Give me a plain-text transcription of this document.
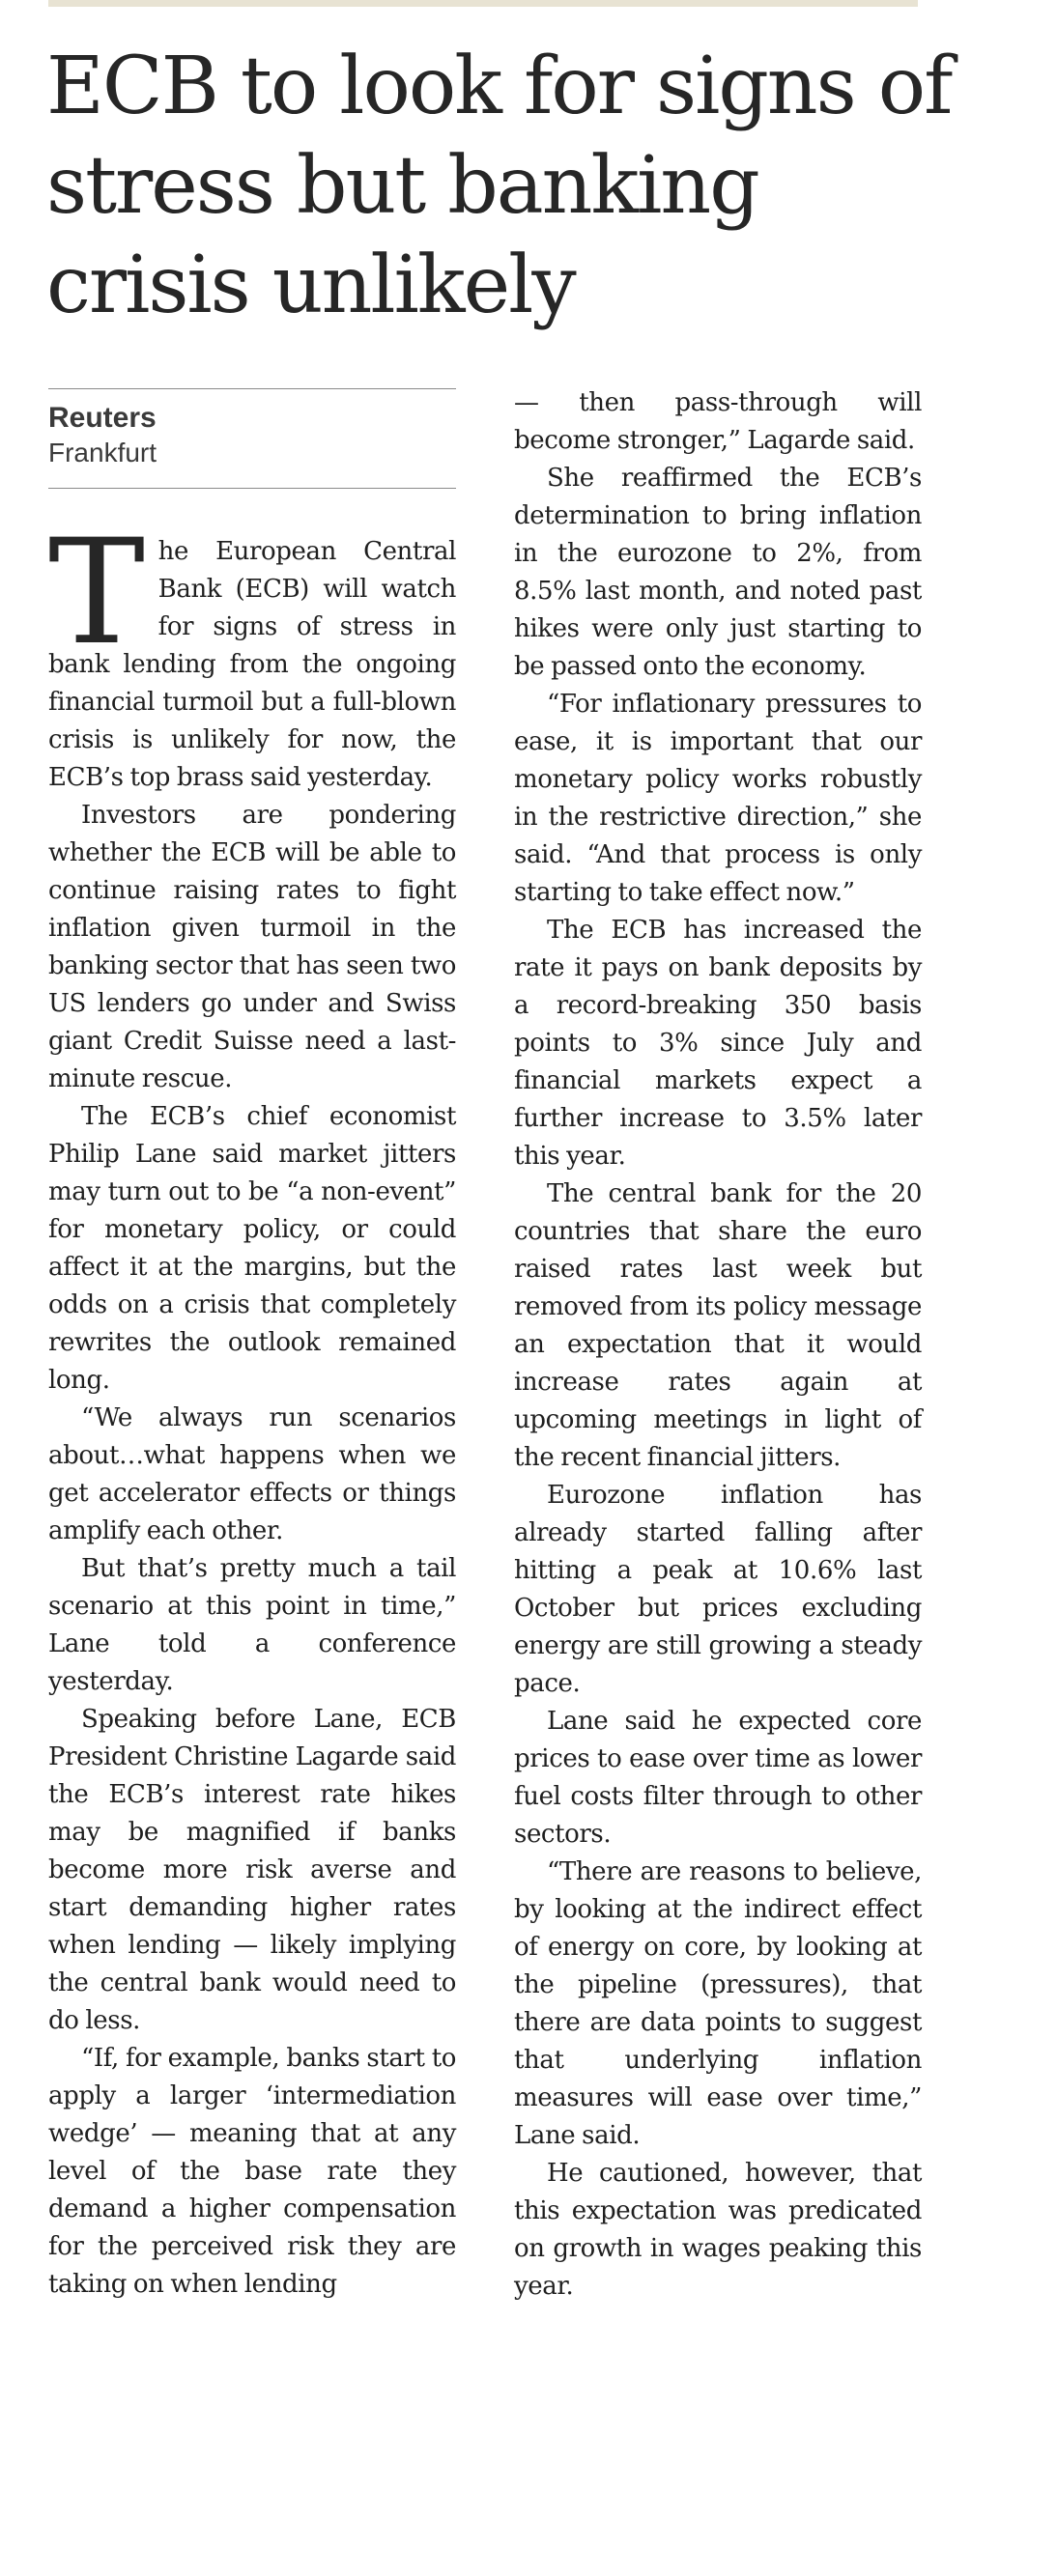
ECB to look for signs of stress but banking crisis unlikely
Reuters
Frankfurt

The European Central Bank (ECB) will watch for signs of stress in bank lending from the ongoing financial turmoil but a full-blown crisis is unlikely for now, the ECB’s top brass said yesterday.

Investors are pondering whether the ECB will be able to continue raising rates to fight inflation given turmoil in the banking sector that has seen two US lenders go under and Swiss giant Credit Suisse need a last-minute rescue.

The ECB’s chief economist Philip Lane said market jitters may turn out to be “a non-event” for monetary policy, or could affect it at the margins, but the odds on a crisis that completely rewrites the outlook remained long.

“We always run scenarios about…what happens when we get accelerator effects or things amplify each other.

But that’s pretty much a tail scenario at this point in time,” Lane told a conference yesterday.

Speaking before Lane, ECB President Christine Lagarde said the ECB’s interest rate hikes may be magnified if banks become more risk averse and start demanding higher rates when lending — likely implying the central bank would need to do less.

“If, for example, banks start to apply a larger ‘intermediation wedge’ — meaning that at any level of the base rate they demand a higher compensation for the perceived risk they are taking on when lending

— then pass-through will become stronger,” Lagarde said.

She reaffirmed the ECB’s determination to bring inflation in the eurozone to 2%, from 8.5% last month, and noted past hikes were only just starting to be passed onto the economy.

“For inflationary pressures to ease, it is important that our monetary policy works robustly in the restrictive direction,” she said. “And that process is only starting to take effect now.”

The ECB has increased the rate it pays on bank deposits by a record-breaking 350 basis points to 3% since July and financial markets expect a further increase to 3.5% later this year.

The central bank for the 20 countries that share the euro raised rates last week but removed from its policy message an expectation that it would increase rates again at upcoming meetings in light of the recent financial jitters.

Eurozone inflation has already started falling after hitting a peak at 10.6% last October but prices excluding energy are still growing a steady pace.

Lane said he expected core prices to ease over time as lower fuel costs filter through to other sectors.

“There are reasons to believe, by looking at the indirect effect of energy on core, by looking at the pipeline (pressures), that there are data points to suggest that underlying inflation measures will ease over time,” Lane said.

He cautioned, however, that this expectation was predicated on growth in wages peaking this year.
